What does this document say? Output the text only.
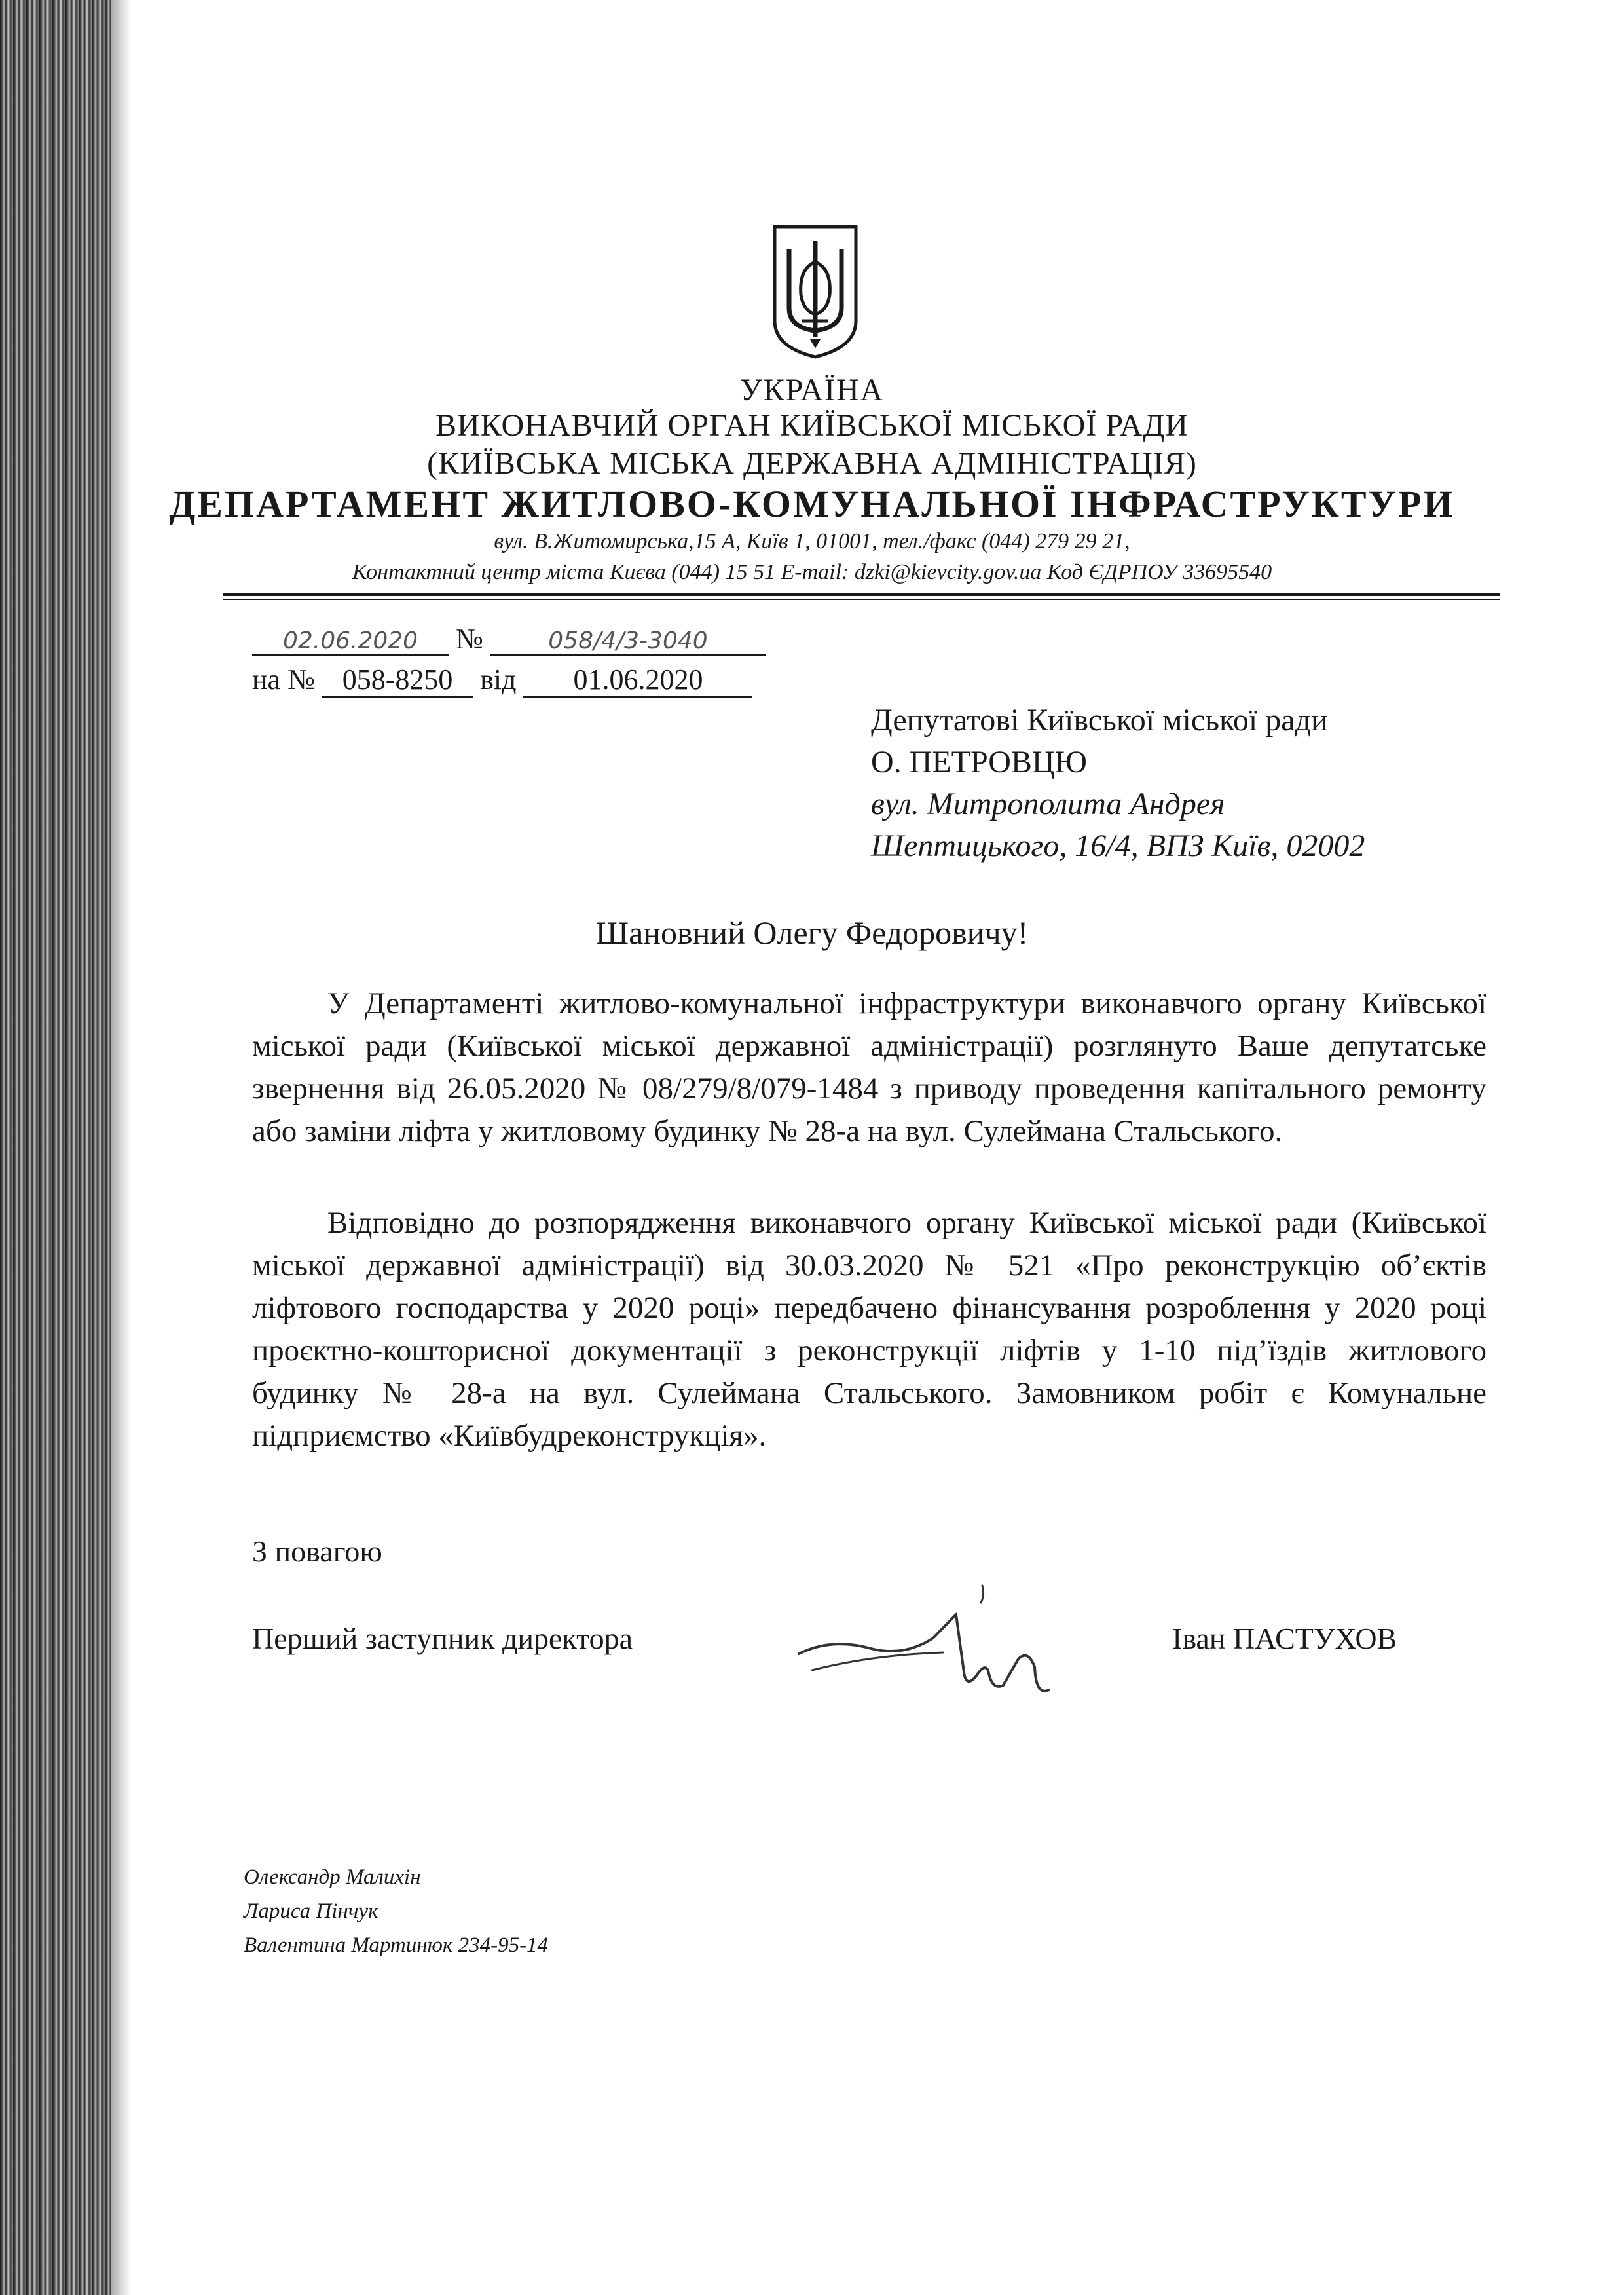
УКРАЇНА
ВИКОНАВЧИЙ ОРГАН КИЇВСЬКОЇ МІСЬКОЇ РАДИ
(КИЇВСЬКА МІСЬКА ДЕРЖАВНА АДМІНІСТРАЦІЯ)
ДЕПАРТАМЕНТ ЖИТЛОВО-КОМУНАЛЬНОЇ ІНФРАСТРУКТУРИ
вул. В.Житомирська,15 А, Київ 1, 01001, тел./факс (044) 279 29 21,
Контактний центр міста Києва (044) 15 51 E-mail: dzki@kievcity.gov.ua Код ЄДРПОУ 33695540
02.06.2020 №	058/4/3-3040
на № 058-8250 від 01.06.2020
Депутатові Київської міської ради
О. ПЕТРОВЦЮ
вул. Митрополита Андрея
Шептицького, 16/4, ВПЗ Київ, 02002
Шановний Олегу Федоровичу!
У Департаменті житлово-комунальної інфраструктури виконавчого органу Київської міської ради (Київської міської державної адміністрації) розглянуто Ваше депутатське звернення від 26.05.2020 № 08/279/8/079-1484 з приводу проведення капітального ремонту або заміни ліфта у житловому будинку № 28-а на вул. Сулеймана Стальського.
Відповідно до розпорядження виконавчого органу Київської міської ради (Київської міської державної адміністрації) від 30.03.2020 № 521 «Про реконструкцію об’єктів ліфтового господарства у 2020 році» передбачено фінансування розроблення у 2020 році проєктно-кошторисної документації з реконструкції ліфтів у 1-10 під’їздів житлового будинку № 28-а на вул. Сулеймана Стальського. Замовником робіт є Комунальне підприємство «Київбудреконструкція».
З повагою
Перший заступник директора	Іван ПАСТУХОВ
Олександр Малихін
Лариса Пінчук
Валентина Мартинюк 234-95-14
